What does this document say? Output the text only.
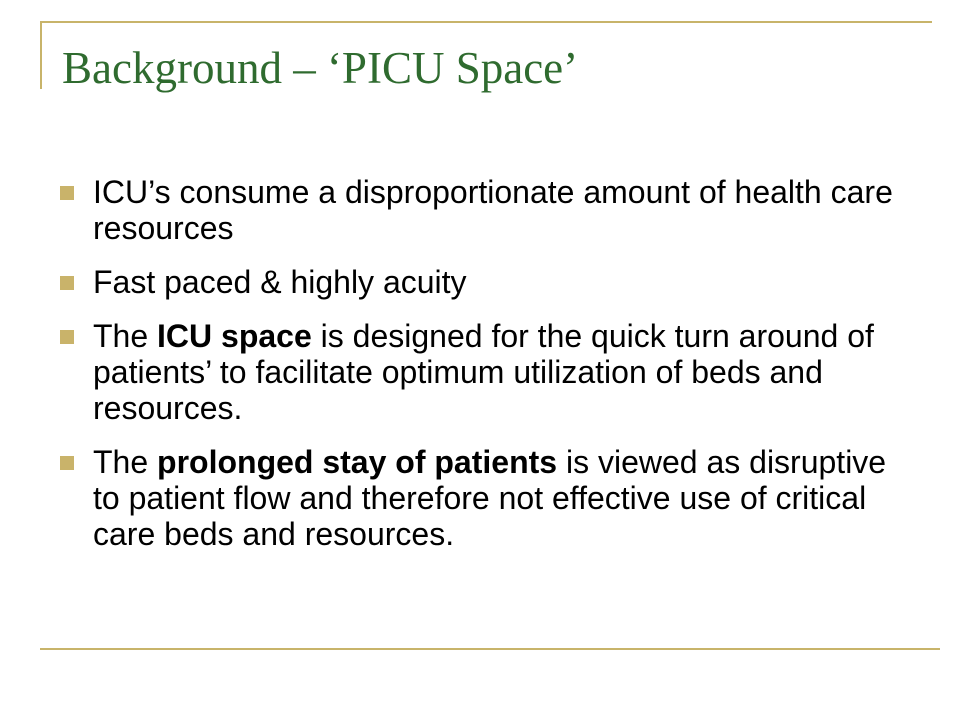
Background – ‘PICU Space’
ICU’s consume a disproportionate amount of health care resources
Fast paced & highly acuity
The ICU space is designed for the quick turn around of patients’ to facilitate optimum utilization of beds and resources.
The prolonged stay of patients is viewed as disruptive to patient flow and therefore not effective use of critical care beds and resources.
